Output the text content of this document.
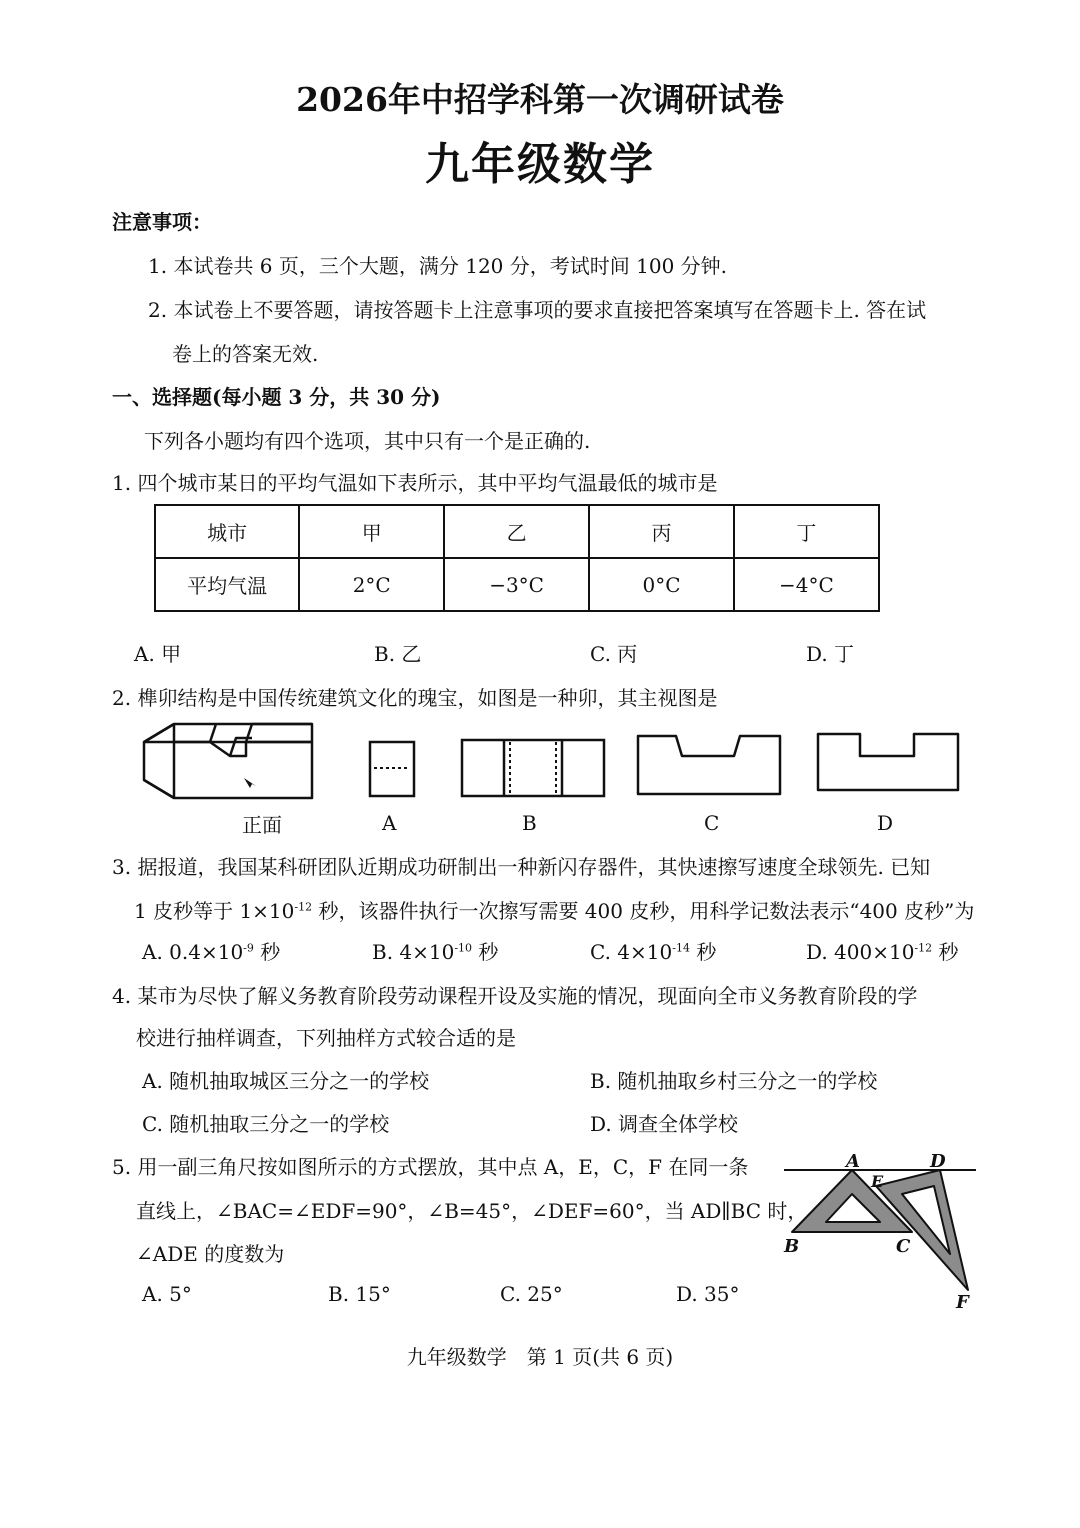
2026年中招学科第一次调研试卷
九年级数学
注意事项：
1. 本试卷共 6 页，三个大题，满分 120 分，考试时间 100 分钟.
2. 本试卷上不要答题，请按答题卡上注意事项的要求直接把答案填写在答题卡上. 答在试
卷上的答案无效.
一、选择题(每小题 3 分，共 30 分)
下列各小题均有四个选项，其中只有一个是正确的.
1. 四个城市某日的平均气温如下表所示，其中平均气温最低的城市是
城市	甲	乙	丙	丁
平均气温	2°C	−3°C	0°C	−4°C
A. 甲	B. 乙	C. 丙	D. 丁
2. 榫卯结构是中国传统建筑文化的瑰宝，如图是一种卯，其主视图是
正面	A	B	C	D
3. 据报道，我国某科研团队近期成功研制出一种新闪存器件，其快速擦写速度全球领先. 已知
1 皮秒等于 $1\times 10^{-12}$ 秒，该器件执行一次擦写需要 400 皮秒，用科学记数法表示“400 皮秒”为
A. $0.4\times 10^{-9}$ 秒	B. $4\times 10^{-10}$ 秒	C. $4\times 10^{-14}$ 秒	D. $400\times 10^{-12}$ 秒
4. 某市为尽快了解义务教育阶段劳动课程开设及实施的情况，现面向全市义务教育阶段的学
校进行抽样调查，下列抽样方式较合适的是
A. 随机抽取城区三分之一的学校	B. 随机抽取乡村三分之一的学校
C. 随机抽取三分之一的学校	D. 调查全体学校
5. 用一副三角尺按如图所示的方式摆放，其中点 A，E，C，F 在同一条
直线上，∠BAC=∠EDF=90°，∠B=45°，∠DEF=60°，当 AD∥BC 时，
∠ADE 的度数为
A. 5°	B. 15°	C. 25°	D. 35°
A
E
D
B	C
F
九年级数学　第 1 页(共 6 页)
